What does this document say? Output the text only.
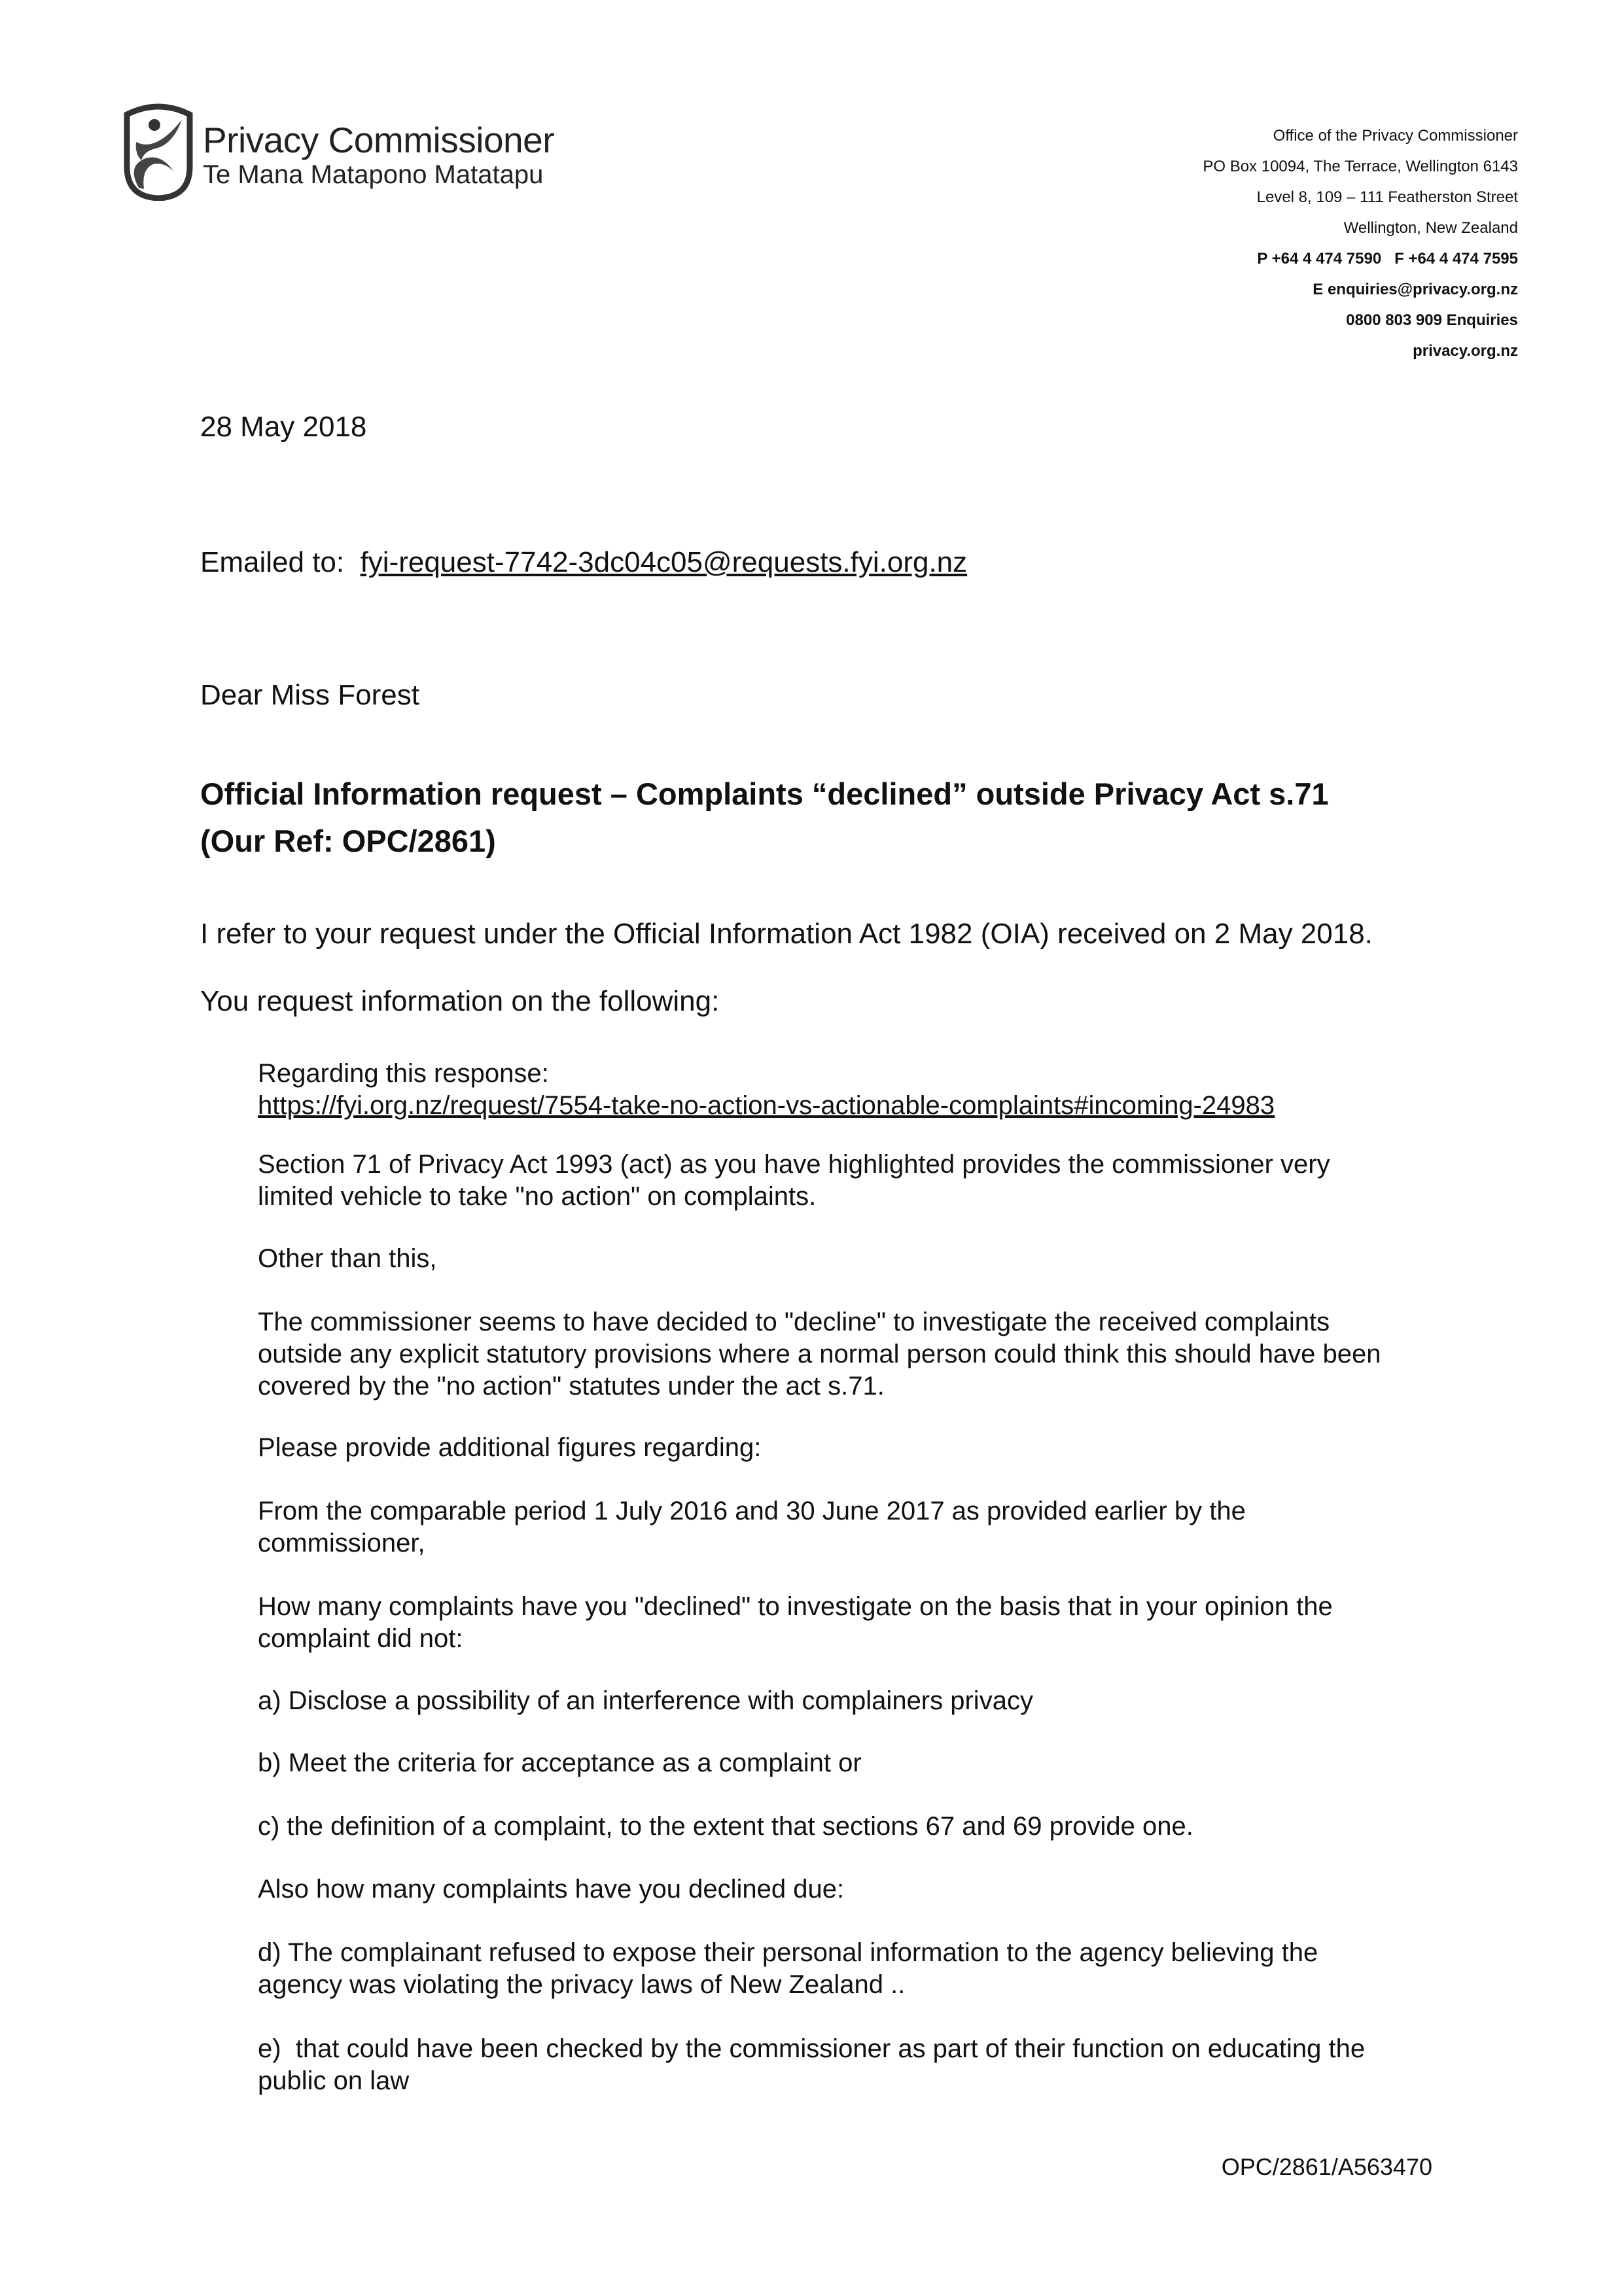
Privacy Commissioner
Te Mana Matapono Matatapu
Office of the Privacy Commissioner
PO Box 10094, The Terrace, Wellington 6143
Level 8, 109 – 111 Featherston Street
Wellington, New Zealand
P +64 4 474 7590   F +64 4 474 7595
E enquiries@privacy.org.nz
0800 803 909 Enquiries
privacy.org.nz
28 May 2018
Emailed to: fyi-request-7742-3dc04c05@requests.fyi.org.nz
Dear Miss Forest
Official Information request – Complaints “declined” outside Privacy Act s.71
(Our Ref: OPC/2861)
I refer to your request under the Official Information Act 1982 (OIA) received on 2 May 2018.
You request information on the following:
Regarding this response:
https://fyi.org.nz/request/7554-take-no-action-vs-actionable-complaints#incoming-24983
Section 71 of Privacy Act 1993 (act) as you have highlighted provides the commissioner very
limited vehicle to take "no action" on complaints.
Other than this,
The commissioner seems to have decided to "decline" to investigate the received complaints
outside any explicit statutory provisions where a normal person could think this should have been
covered by the "no action" statutes under the act s.71.
Please provide additional figures regarding:
From the comparable period 1 July 2016 and 30 June 2017 as provided earlier by the
commissioner,
How many complaints have you "declined" to investigate on the basis that in your opinion the
complaint did not:
a) Disclose a possibility of an interference with complainers privacy
b) Meet the criteria for acceptance as a complaint or
c) the definition of a complaint, to the extent that sections 67 and 69 provide one.
Also how many complaints have you declined due:
d) The complainant refused to expose their personal information to the agency believing the
agency was violating the privacy laws of New Zealand ..
e)  that could have been checked by the commissioner as part of their function on educating the
public on law
OPC/2861/A563470
